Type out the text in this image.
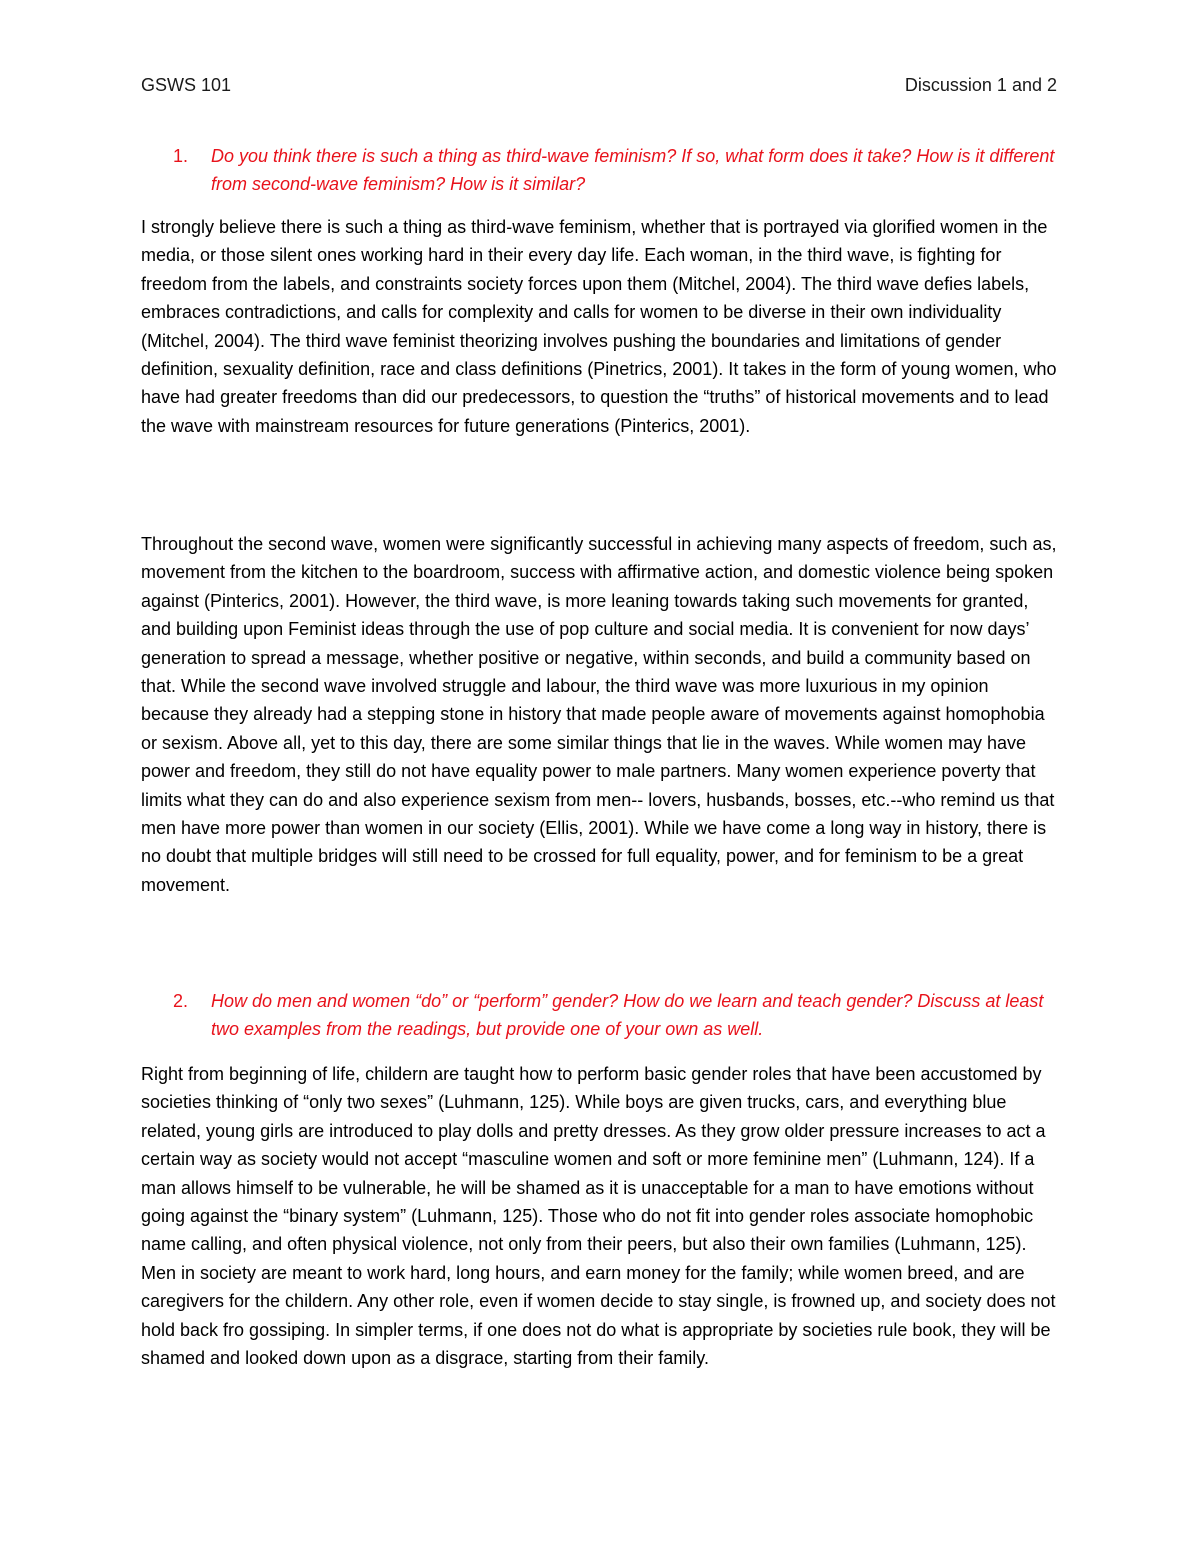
GSWS 101	Discussion 1 and 2
1. Do you think there is such a thing as third-wave feminism? If so, what form does it take? How is it different from second-wave feminism? How is it similar?

I strongly believe there is such a thing as third-wave feminism, whether that is portrayed via glorified women in the media, or those silent ones working hard in their every day life. Each woman, in the third wave, is fighting for freedom from the labels, and constraints society forces upon them (Mitchel, 2004). The third wave defies labels, embraces contradictions, and calls for complexity and calls for women to be diverse in their own individuality (Mitchel, 2004). The third wave feminist theorizing involves pushing the boundaries and limitations of gender definition, sexuality definition, race and class definitions (Pinetrics, 2001). It takes in the form of young women, who have had greater freedoms than did our predecessors, to question the “truths” of historical movements and to lead the wave with mainstream resources for future generations (Pinterics, 2001).

Throughout the second wave, women were significantly successful in achieving many aspects of freedom, such as, movement from the kitchen to the boardroom, success with affirmative action, and domestic violence being spoken against (Pinterics, 2001). However, the third wave, is more leaning towards taking such movements for granted, and building upon Feminist ideas through the use of pop culture and social media. It is convenient for now days’ generation to spread a message, whether positive or negative, within seconds, and build a community based on that. While the second wave involved struggle and labour, the third wave was more luxurious in my opinion because they already had a stepping stone in history that made people aware of movements against homophobia or sexism. Above all, yet to this day, there are some similar things that lie in the waves. While women may have power and freedom, they still do not have equality power to male partners. Many women experience poverty that limits what they can do and also experience sexism from men-- lovers, husbands, bosses, etc.--who remind us that men have more power than women in our society (Ellis, 2001). While we have come a long way in history, there is no doubt that multiple bridges will still need to be crossed for full equality, power, and for feminism to be a great movement.

2. How do men and women “do” or “perform” gender? How do we learn and teach gender? Discuss at least two examples from the readings, but provide one of your own as well.

Right from beginning of life, childern are taught how to perform basic gender roles that have been accustomed by societies thinking of “only two sexes” (Luhmann, 125). While boys are given trucks, cars, and everything blue related, young girls are introduced to play dolls and pretty dresses. As they grow older pressure increases to act a certain way as society would not accept “masculine women and soft or more feminine men” (Luhmann, 124). If a man allows himself to be vulnerable, he will be shamed as it is unacceptable for a man to have emotions without going against the “binary system” (Luhmann, 125). Those who do not fit into gender roles associate homophobic name calling, and often physical violence, not only from their peers, but also their own families (Luhmann, 125). Men in society are meant to work hard, long hours, and earn money for the family; while women breed, and are caregivers for the childern. Any other role, even if women decide to stay single, is frowned up, and society does not hold back fro gossiping. In simpler terms, if one does not do what is appropriate by societies rule book, they will be shamed and looked down upon as a disgrace, starting from their family.
